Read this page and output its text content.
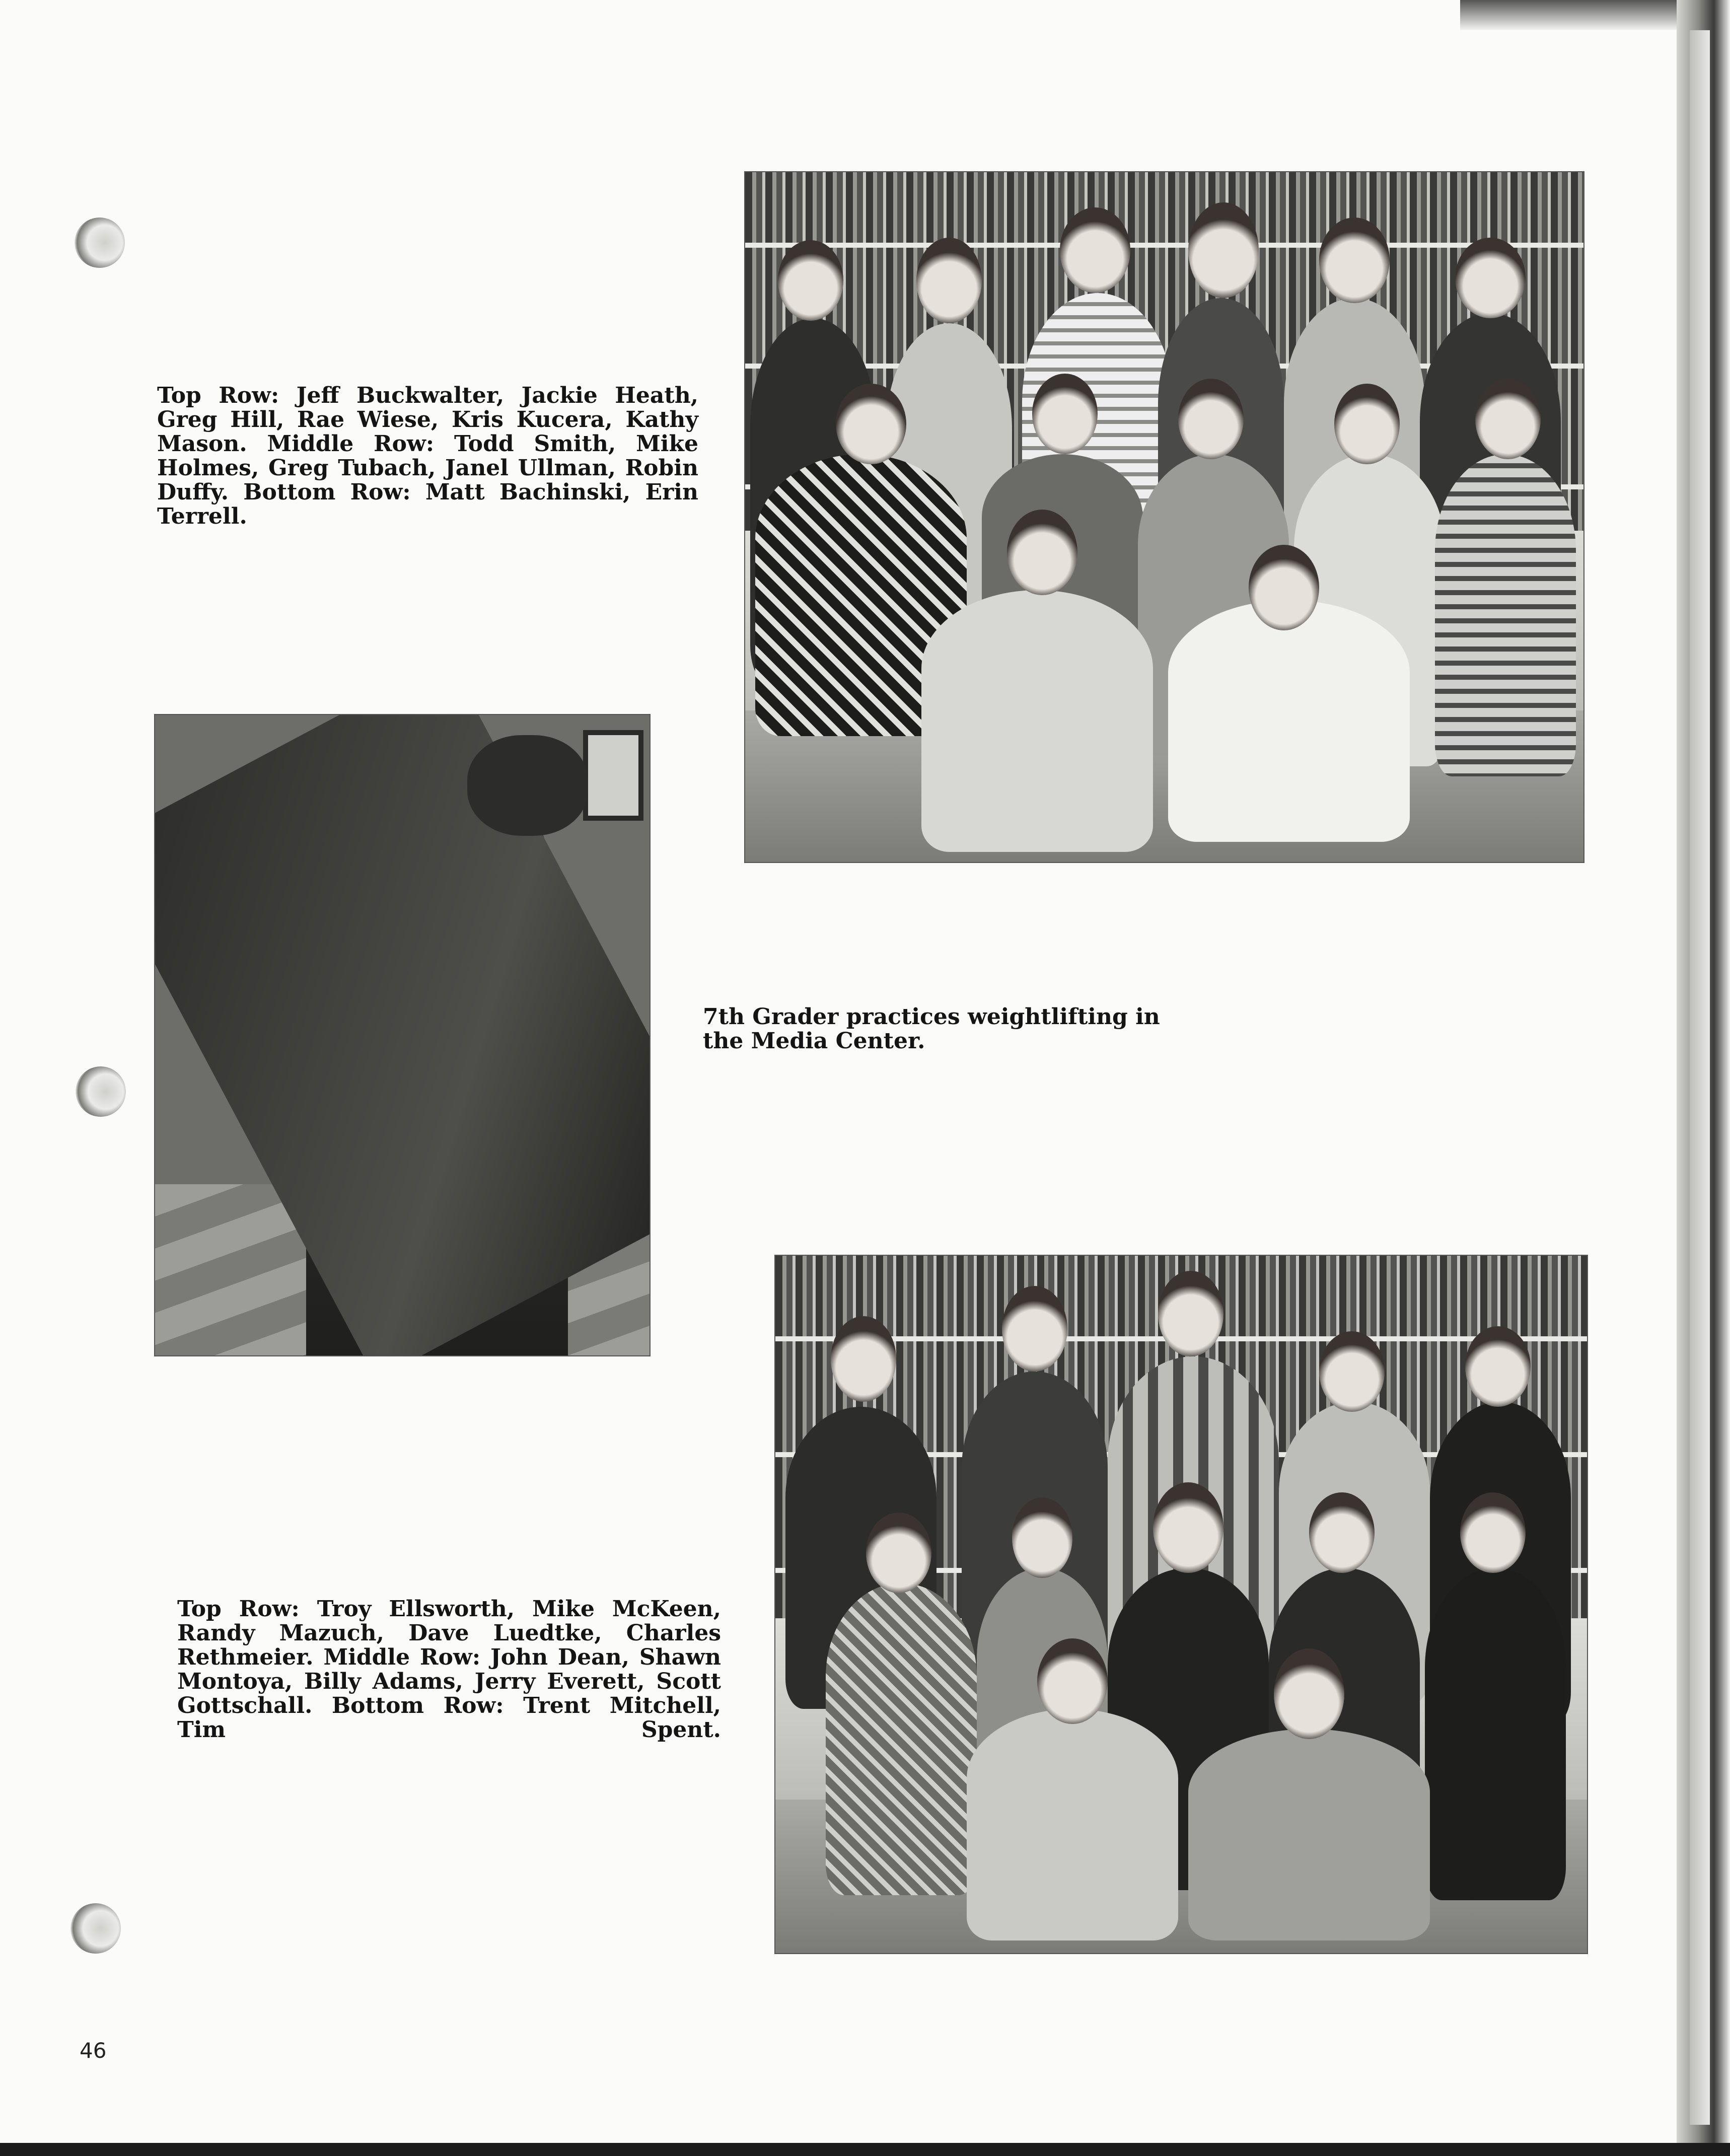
Top Row: Jeff Buckwalter, Jackie Heath, Greg Hill, Rae Wiese, Kris Kucera, Kathy Mason. Middle Row: Todd Smith, Mike Holmes, Greg Tubach, Janel Ullman, Robin Duffy. Bottom Row: Matt Bachinski, Erin Terrell.
7th Grader practices weightlifting in the Media Center.
Top Row: Troy Ellsworth, Mike McKeen, Randy Mazuch, Dave Luedtke, Charles Rethmeier. Middle Row: John Dean, Shawn Montoya, Billy Adams, Jerry Everett, Scott Gottschall. Bottom Row: Trent Mitchell, Tim Spent.
46
